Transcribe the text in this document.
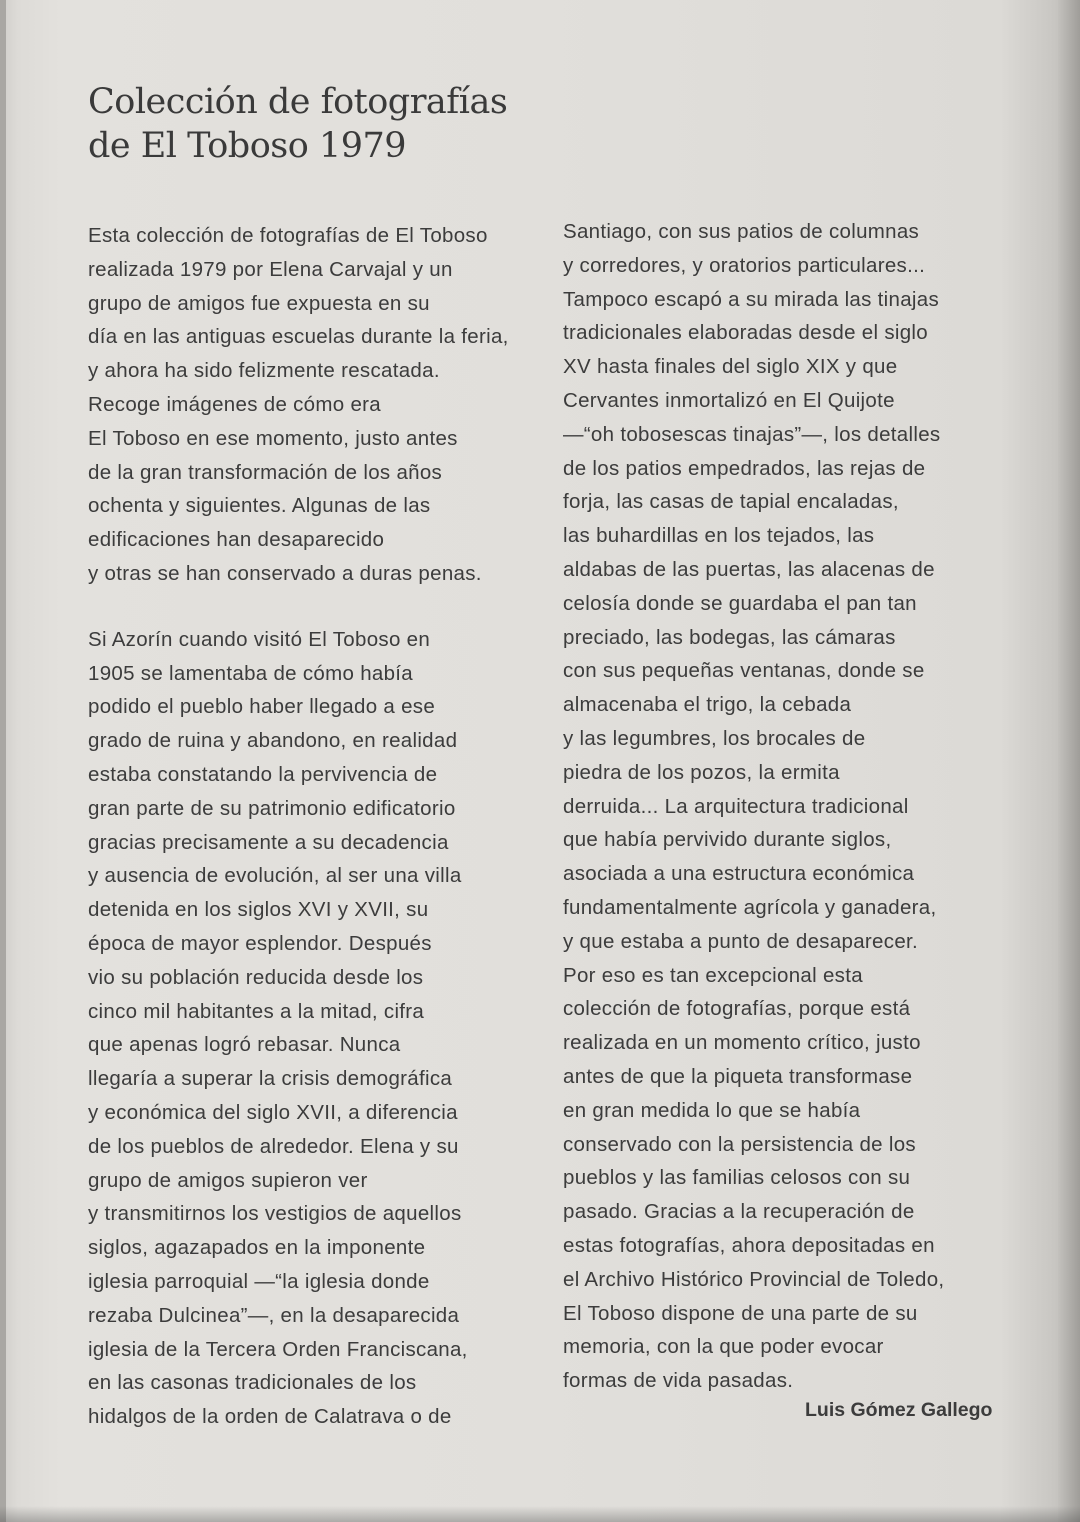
Colección de fotografías
de El Toboso 1979
Esta colección de fotografías de El Toboso
realizada 1979 por Elena Carvajal y un
grupo de amigos fue expuesta en su
día en las antiguas escuelas durante la feria,
y ahora ha sido felizmente rescatada.
Recoge imágenes de cómo era
El Toboso en ese momento, justo antes
de la gran transformación de los años
ochenta y siguientes. Algunas de las
edificaciones han desaparecido
y otras se han conservado a duras penas.
Si Azorín cuando visitó El Toboso en
1905 se lamentaba de cómo había
podido el pueblo haber llegado a ese
grado de ruina y abandono, en realidad
estaba constatando la pervivencia de
gran parte de su patrimonio edificatorio
gracias precisamente a su decadencia
y ausencia de evolución, al ser una villa
detenida en los siglos XVI y XVII, su
época de mayor esplendor. Después
vio su población reducida desde los
cinco mil habitantes a la mitad, cifra
que apenas logró rebasar. Nunca
llegaría a superar la crisis demográfica
y económica del siglo XVII, a diferencia
de los pueblos de alrededor. Elena y su
grupo de amigos supieron ver
y transmitirnos los vestigios de aquellos
siglos, agazapados en la imponente
iglesia parroquial —“la iglesia donde
rezaba Dulcinea”—, en la desaparecida
iglesia de la Tercera Orden Franciscana,
en las casonas tradicionales de los
hidalgos de la orden de Calatrava o de
Santiago, con sus patios de columnas
y corredores, y oratorios particulares...
Tampoco escapó a su mirada las tinajas
tradicionales elaboradas desde el siglo
XV hasta finales del siglo XIX y que
Cervantes inmortalizó en El Quijote
—“oh tobosescas tinajas”—, los detalles
de los patios empedrados, las rejas de
forja, las casas de tapial encaladas,
las buhardillas en los tejados, las
aldabas de las puertas, las alacenas de
celosía donde se guardaba el pan tan
preciado, las bodegas, las cámaras
con sus pequeñas ventanas, donde se
almacenaba el trigo, la cebada
y las legumbres, los brocales de
piedra de los pozos, la ermita
derruida... La arquitectura tradicional
que había pervivido durante siglos,
asociada a una estructura económica
fundamentalmente agrícola y ganadera,
y que estaba a punto de desaparecer.
Por eso es tan excepcional esta
colección de fotografías, porque está
realizada en un momento crítico, justo
antes de que la piqueta transformase
en gran medida lo que se había
conservado con la persistencia de los
pueblos y las familias celosos con su
pasado. Gracias a la recuperación de
estas fotografías, ahora depositadas en
el Archivo Histórico Provincial de Toledo,
El Toboso dispone de una parte de su
memoria, con la que poder evocar
formas de vida pasadas.
Luis Gómez Gallego
